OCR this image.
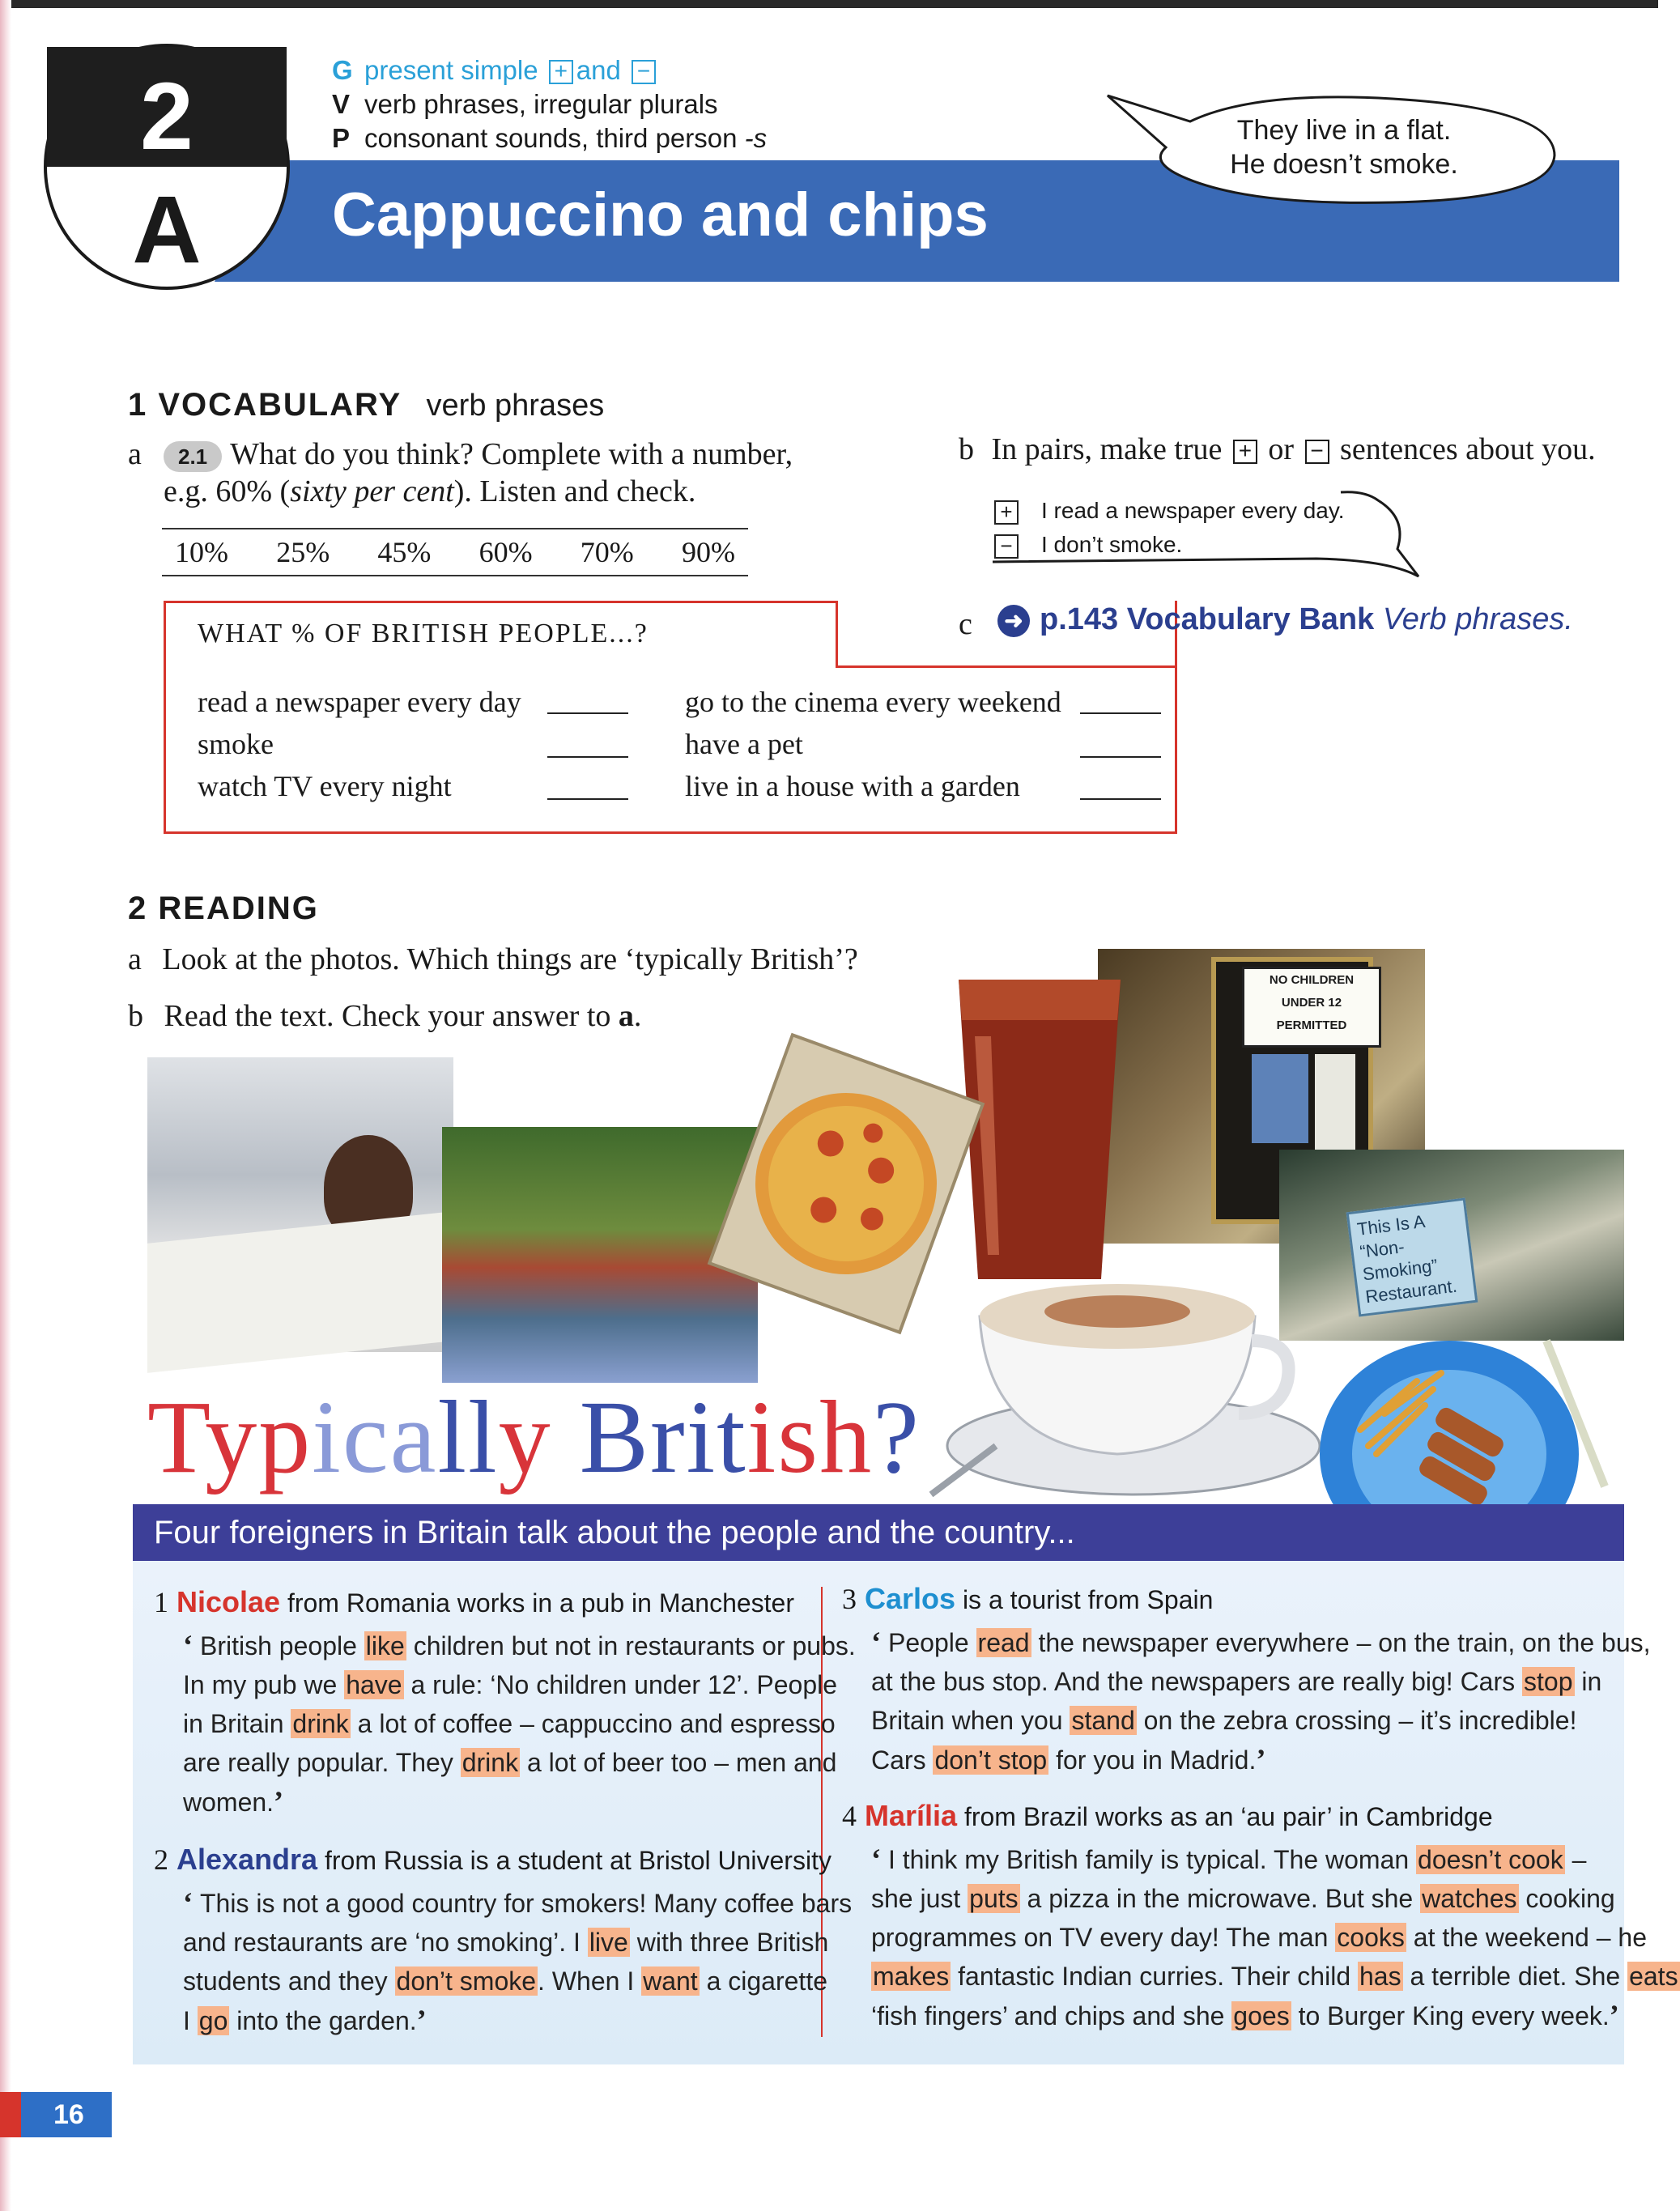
2
A
G present simple + and −
V verb phrases, irregular plurals
P consonant sounds, third person -s
Cappuccino and chips
They live in a flat.
He doesn’t smoke.
1 VOCABULARY verb phrases
a	2.1 What do you think? Complete with a number,
e.g. 60% (sixty per cent). Listen and check.
10% 25% 45% 60% 70% 90%
WHAT % OF BRITISH PEOPLE...?
read a newspaper every day
smoke
watch TV every night
go to the cinema every weekend
have a pet
live in a house with a garden
b In pairs, make true + or − sentences about you.
+ I read a newspaper every day.
− I don’t smoke.
c ➜ p.143 Vocabulary Bank Verb phrases.
2 READING
a Look at the photos. Which things are ‘typically British’?
b Read the text. Check your answer to a.
NO CHILDREN
UNDER 12
PERMITTED
This Is A
“Non-Smoking”
Restaurant.
Typically British?
Four foreigners in Britain talk about the people and the country...
1 Nicolae from Romania works in a pub in Manchester
‘ British people like children but not in restaurants or pubs.
In my pub we have a rule: ‘No children under 12’. People
in Britain drink a lot of coffee – cappuccino and espresso
are really popular. They drink a lot of beer too – men and
women.’
2 Alexandra from Russia is a student at Bristol University
‘ This is not a good country for smokers! Many coffee bars
and restaurants are ‘no smoking’. I live with three British
students and they don’t smoke. When I want a cigarette
I go into the garden.’
3 Carlos is a tourist from Spain
‘ People read the newspaper everywhere – on the train, on the bus,
at the bus stop. And the newspapers are really big! Cars stop in
Britain when you stand on the zebra crossing – it’s incredible!
Cars don’t stop for you in Madrid.’
4 Marília from Brazil works as an ‘au pair’ in Cambridge
‘ I think my British family is typical. The woman doesn’t cook –
she just puts a pizza in the microwave. But she watches cooking
programmes on TV every day! The man cooks at the weekend – he
makes fantastic Indian curries. Their child has a terrible diet. She eats
‘fish fingers’ and chips and she goes to Burger King every week.’
16
